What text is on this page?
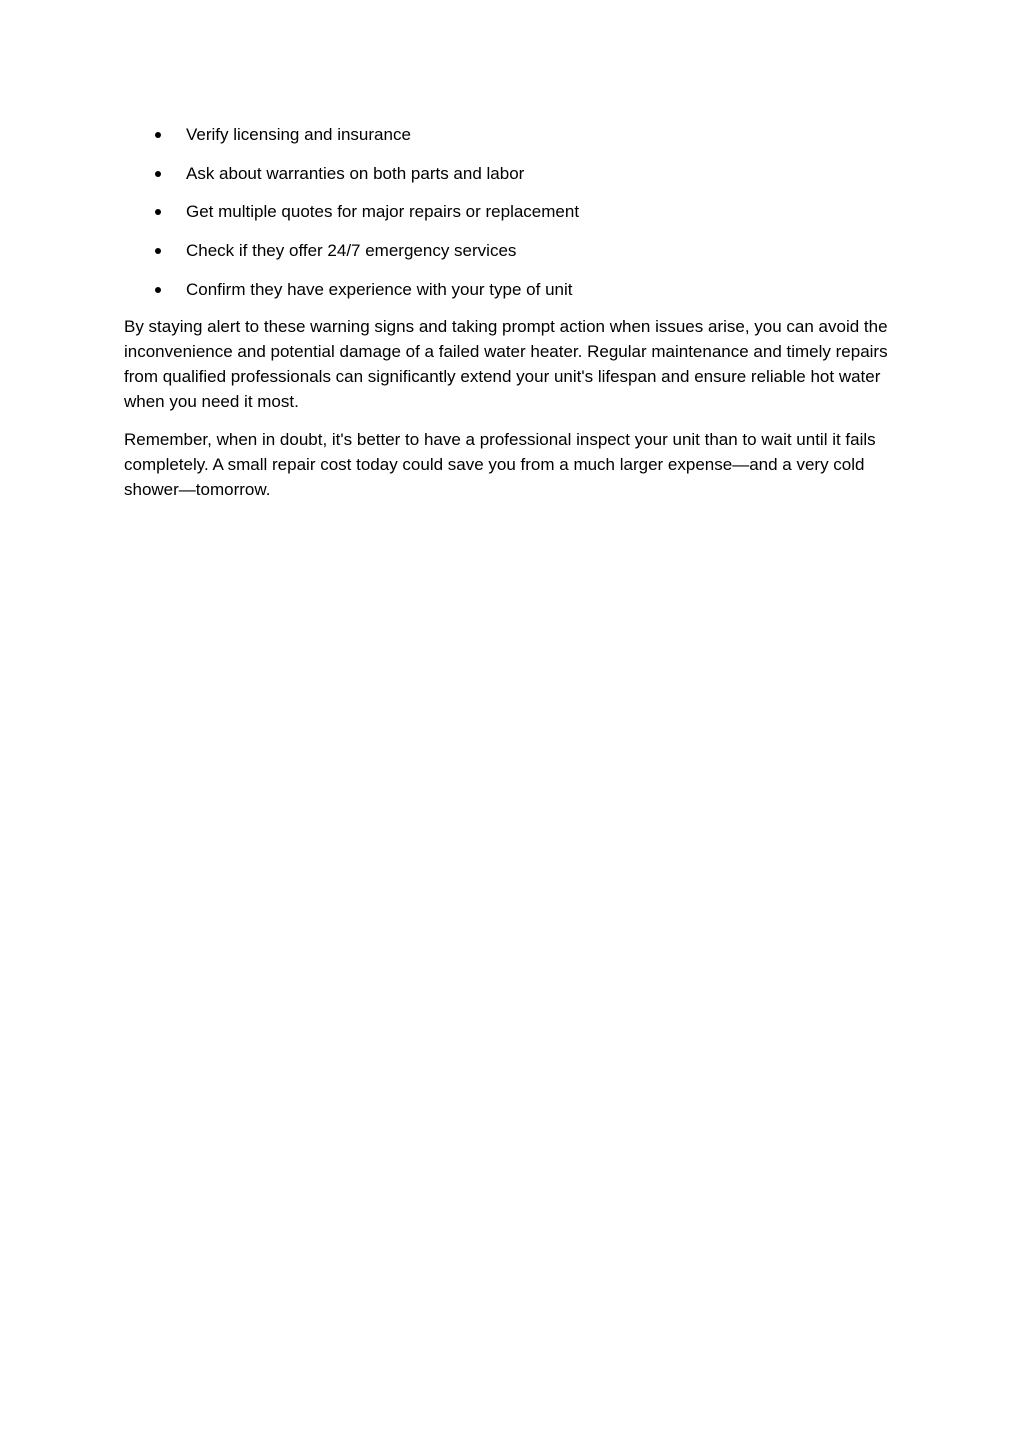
Verify licensing and insurance
Ask about warranties on both parts and labor
Get multiple quotes for major repairs or replacement
Check if they offer 24/7 emergency services
Confirm they have experience with your type of unit

By staying alert to these warning signs and taking prompt action when issues arise, you can avoid the inconvenience and potential damage of a failed water heater. Regular maintenance and timely repairs from qualified professionals can significantly extend your unit's lifespan and ensure reliable hot water when you need it most.

Remember, when in doubt, it's better to have a professional inspect your unit than to wait until it fails completely. A small repair cost today could save you from a much larger expense—and a very cold shower—tomorrow.
